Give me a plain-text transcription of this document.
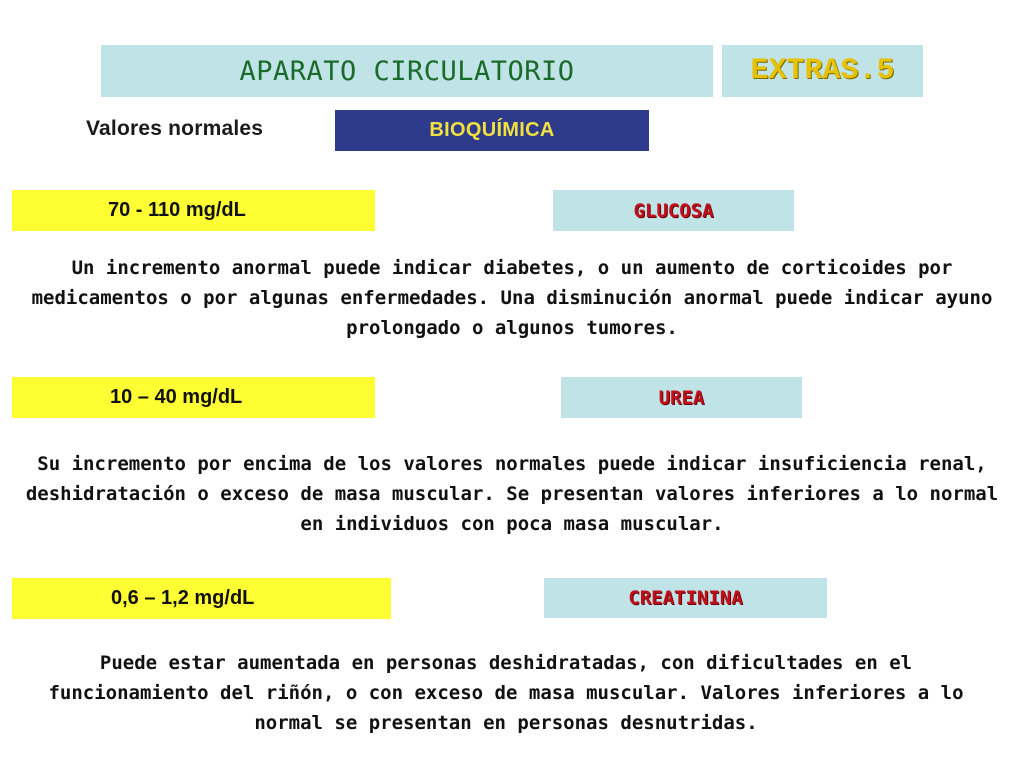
APARATO CIRCULATORIO	EXTRAS.5
Valores normales	BIOQUÍMICA
70 - 110 mg/dL	GLUCOSA

Un incremento anormal puede indicar diabetes, o un aumento de corticoides por medicamentos o por algunas enfermedades. Una disminución anormal puede indicar ayuno prolongado o algunos tumores.

10 – 40 mg/dL	UREA

Su incremento por encima de los valores normales puede indicar insuficiencia renal, deshidratación o exceso de masa muscular. Se presentan valores inferiores a lo normal en individuos con poca masa muscular.

0,6 – 1,2 mg/dL	CREATININA

Puede estar aumentada en personas deshidratadas, con dificultades en el funcionamiento del riñón, o con exceso de masa muscular. Valores inferiores a lo normal se presentan en personas desnutridas.
